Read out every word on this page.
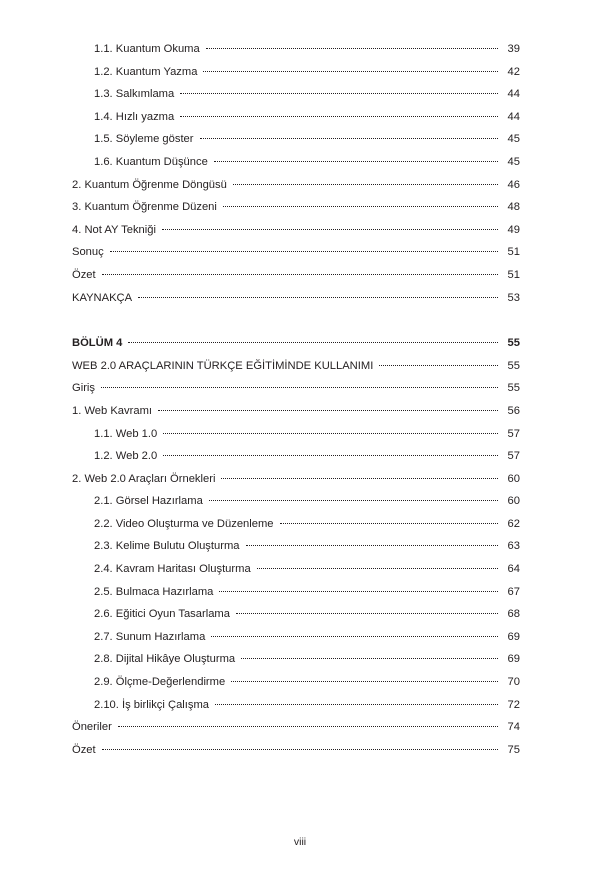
1.1. Kuantum Okuma	39
1.2. Kuantum Yazma	42
1.3. Salkımlama	44
1.4. Hızlı yazma	44
1.5. Söyleme göster	45
1.6. Kuantum Düşünce	45
2. Kuantum Öğrenme Döngüsü	46
3. Kuantum Öğrenme Düzeni	48
4. Not AY Tekniği	49
Sonuç	51
Özet	51
KAYNAKÇA	53
BÖLÜM 4	55
WEB 2.0 ARAÇLARININ TÜRKÇE EĞİTİMİNDE KULLANIMI	55
Giriş	55
1. Web Kavramı	56
1.1. Web 1.0	57
1.2. Web 2.0	57
2. Web 2.0 Araçları Örnekleri	60
2.1. Görsel Hazırlama	60
2.2. Video Oluşturma ve Düzenleme	62
2.3. Kelime Bulutu Oluşturma	63
2.4. Kavram Haritası Oluşturma	64
2.5. Bulmaca Hazırlama	67
2.6. Eğitici Oyun Tasarlama	68
2.7. Sunum Hazırlama	69
2.8. Dijital Hikâye Oluşturma	69
2.9. Ölçme-Değerlendirme	70
2.10. İş birlikçi Çalışma	72
Öneriler	74
Özet	75
viii
